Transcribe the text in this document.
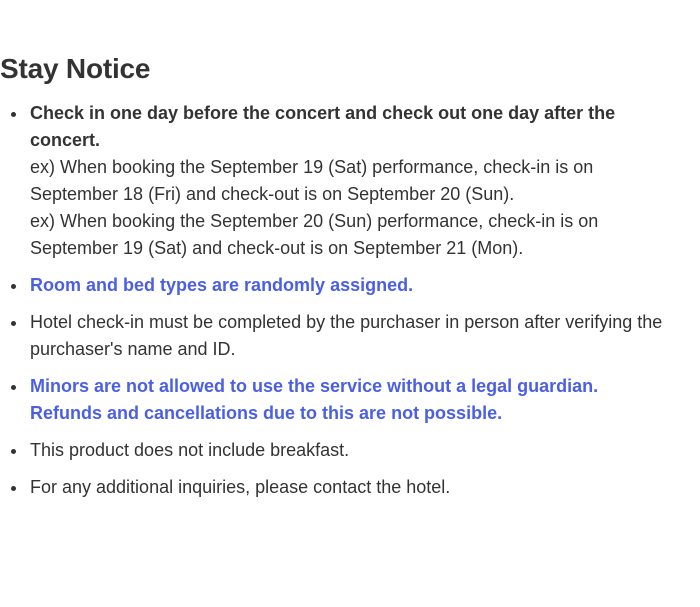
Stay Notice
Check in one day before the concert and check out one day after the concert.
ex) When booking the September 19 (Sat) performance, check-in is on September 18 (Fri) and check-out is on September 20 (Sun).
ex) When booking the September 20 (Sun) performance, check-in is on September 19 (Sat) and check-out is on September 21 (Mon).
Room and bed types are randomly assigned.
Hotel check-in must be completed by the purchaser in person after verifying the purchaser's name and ID.
Minors are not allowed to use the service without a legal guardian.
Refunds and cancellations due to this are not possible.
This product does not include breakfast.
For any additional inquiries, please contact the hotel.
